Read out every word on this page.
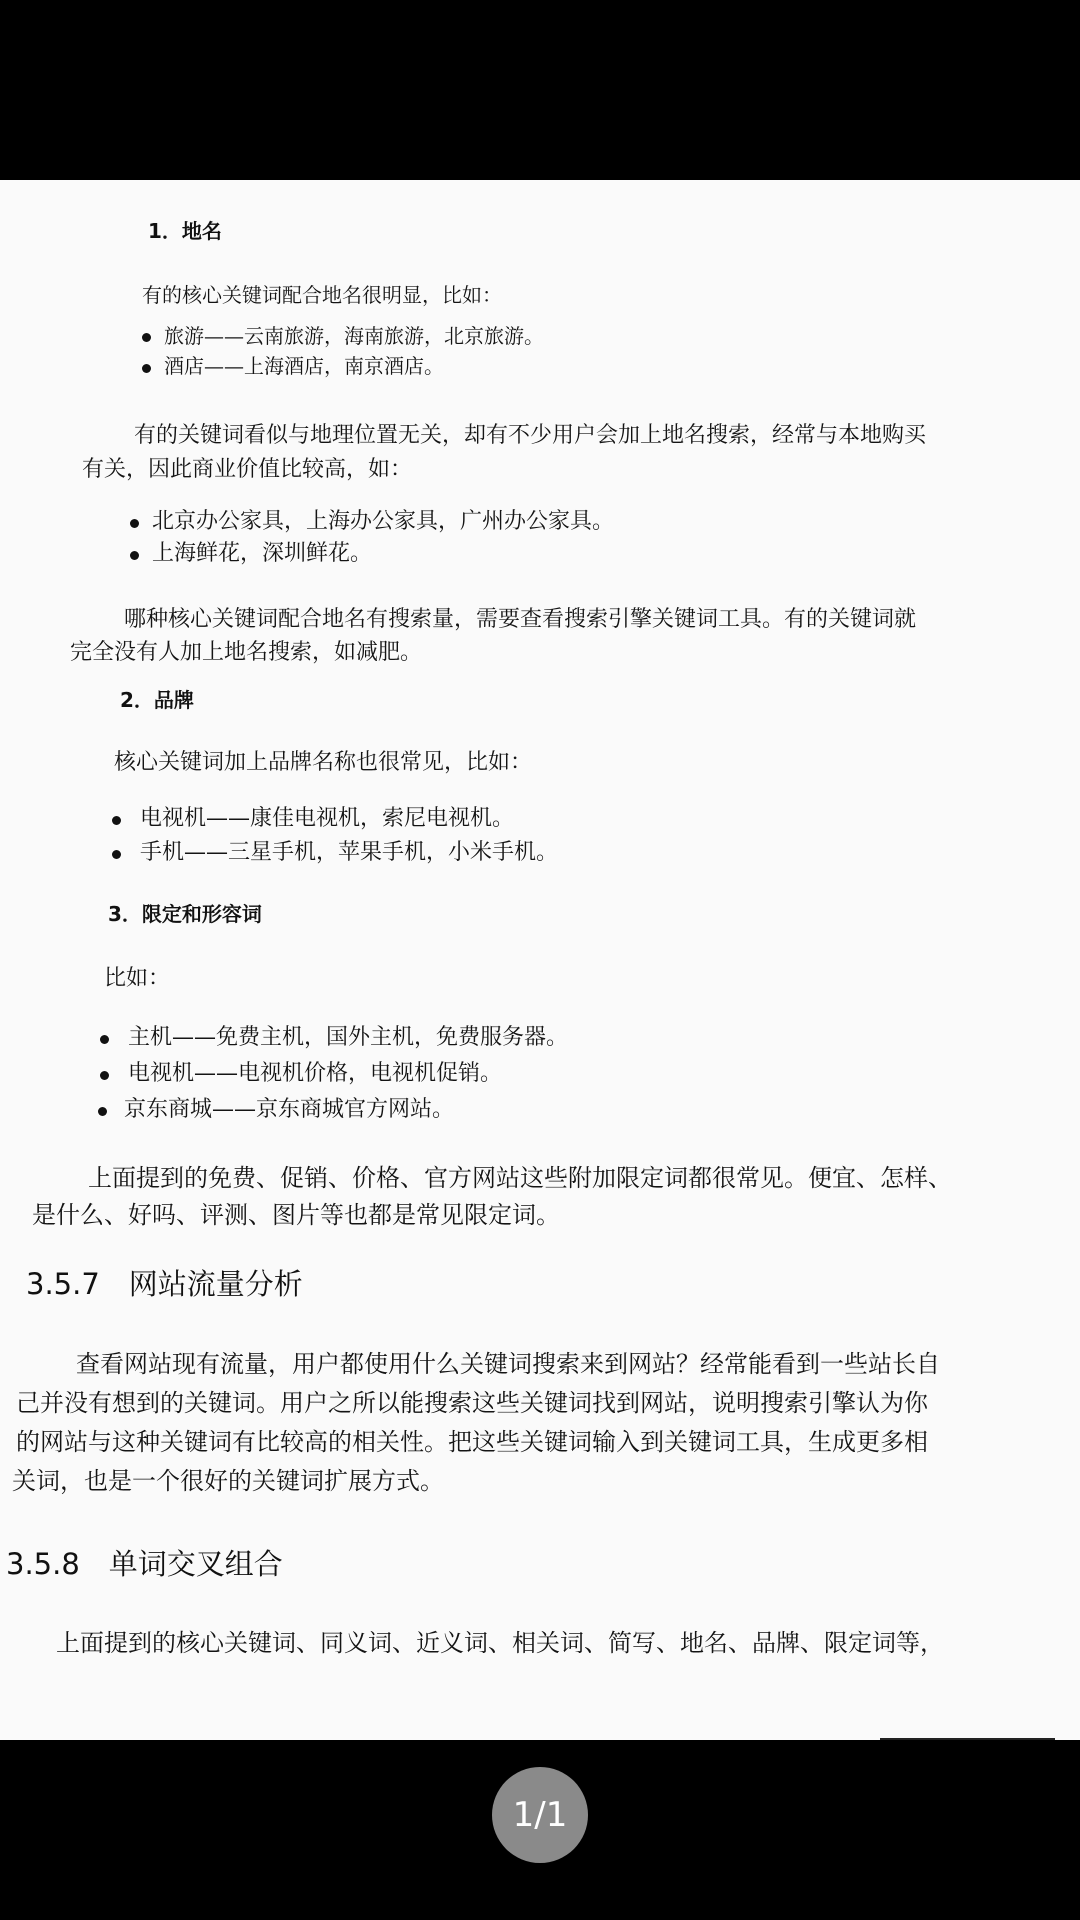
1．地名
有的核心关键词配合地名很明显，比如：
旅游——云南旅游，海南旅游，北京旅游。
酒店——上海酒店，南京酒店。
有的关键词看似与地理位置无关，却有不少用户会加上地名搜索，经常与本地购买
有关，因此商业价值比较高，如：
北京办公家具，上海办公家具，广州办公家具。
上海鲜花，深圳鲜花。
哪种核心关键词配合地名有搜索量，需要查看搜索引擎关键词工具。有的关键词就
完全没有人加上地名搜索，如减肥。
2．品牌
核心关键词加上品牌名称也很常见，比如：
电视机——康佳电视机，索尼电视机。
手机——三星手机，苹果手机，小米手机。
3．限定和形容词
比如：
主机——免费主机，国外主机，免费服务器。
电视机——电视机价格，电视机促销。
京东商城——京东商城官方网站。
上面提到的免费、促销、价格、官方网站这些附加限定词都很常见。便宜、怎样、
是什么、好吗、评测、图片等也都是常见限定词。
3.5.7　网站流量分析
查看网站现有流量，用户都使用什么关键词搜索来到网站？经常能看到一些站长自
己并没有想到的关键词。用户之所以能搜索这些关键词找到网站，说明搜索引擎认为你
的网站与这种关键词有比较高的相关性。把这些关键词输入到关键词工具，生成更多相
关词，也是一个很好的关键词扩展方式。
3.5.8　单词交叉组合
上面提到的核心关键词、同义词、近义词、相关词、简写、地名、品牌、限定词等，
1/1
